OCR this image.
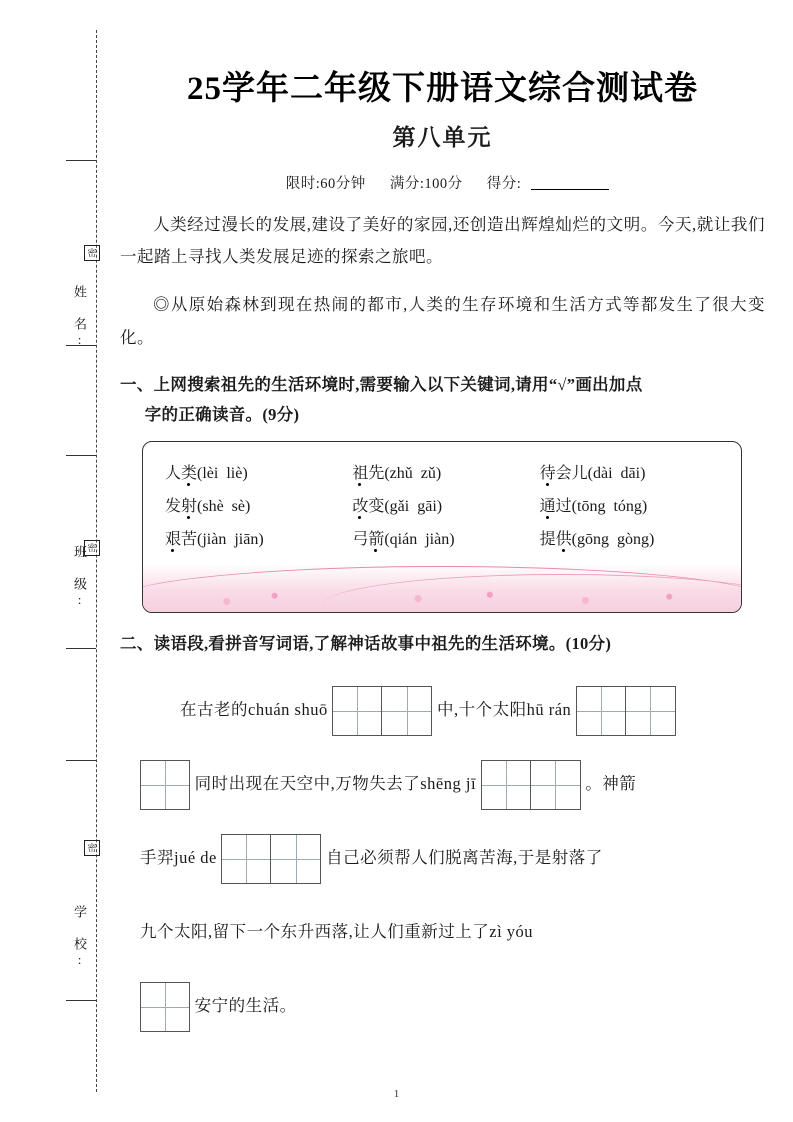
密
密
密
姓 名:
班 级:
学 校:
25学年二年级下册语文综合测试卷
第八单元
限时:60分钟 满分:100分 得分:
人类经过漫长的发展,建设了美好的家园,还创造出辉煌灿烂的文明。今天,就让我们一起踏上寻找人类发展足迹的探索之旅吧。
◎从原始森林到现在热闹的都市,人类的生存环境和生活方式等都发生了很大变化。
一、上网搜索祖先的生活环境时,需要输入以下关键词,请用“√”画出加点
字的正确读音。(9分)
人类(lèi liè)	祖先(zhǔ zǔ)	待会儿(dài dāi)
发射(shè sè)	改变(gǎi gāi)	通过(tōng tóng)
艰苦(jiàn jiān)	弓箭(qián jiàn)	提供(gōng gòng)
二、读语段,看拼音写词语,了解神话故事中祖先的生活环境。(10分)
在古老的chuán shuō	中,十个太阳hū rán
同时出现在天空中,万物失去了shēng jī	。神箭
手羿jué de	自己必须帮人们脱离苦海,于是射落了
九个太阳,留下一个东升西落,让人们重新过上了zì yóu
安宁的生活。
1
